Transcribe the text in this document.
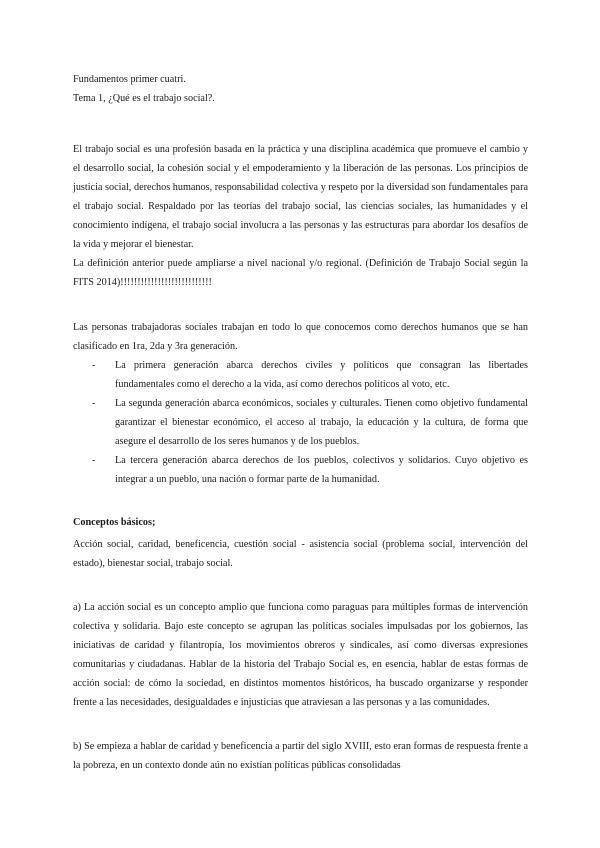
Fundamentos primer cuatri.

Tema 1, ¿Qué es el trabajo social?.

El trabajo social es una profesión basada en la práctica y una disciplina académica que promueve el cambio y el desarrollo social, la cohesión social y el empoderamiento y la liberación de las personas. Los principios de justicia social, derechos humanos, responsabilidad colectiva y respeto por la diversidad son fundamentales para el trabajo social. Respaldado por las teorías del trabajo social, las ciencias sociales, las humanidades y el conocimiento indígena, el trabajo social involucra a las personas y las estructuras para abordar los desafíos de la vida y mejorar el bienestar.

La definición anterior puede ampliarse a nivel nacional y/o regional. (Definición de Trabajo Social según la FITS 2014)!!!!!!!!!!!!!!!!!!!!!!!!!!!

Las personas trabajadoras sociales trabajan en todo lo que conocemos como derechos humanos que se han clasificado en 1ra, 2da y 3ra generación.

- La primera generación abarca derechos civiles y políticos que consagran las libertades fundamentales como el derecho a la vida, así como derechos políticos al voto, etc.
- La segunda generación abarca económicos, sociales y culturales. Tienen como objetivo fundamental garantizar el bienestar económico, el acceso al trabajo, la educación y la cultura, de forma que asegure el desarrollo de los seres humanos y de los pueblos.
- La tercera generación abarca derechos de los pueblos, colectivos y solidarios. Cuyo objetivo es integrar a un pueblo, una nación o formar parte de la humanidad.

Conceptos básicos;

Acción social, caridad, beneficencia, cuestión social - asistencia social (problema social, intervención del estado), bienestar social, trabajo social.

a) La acción social es un concepto amplio que funciona como paraguas para múltiples formas de intervención colectiva y solidaria. Bajo este concepto se agrupan las políticas sociales impulsadas por los gobiernos, las iniciativas de caridad y filantropía, los movimientos obreros y sindicales, así como diversas expresiones comunitarias y ciudadanas. Hablar de la historia del Trabajo Social es, en esencia, hablar de estas formas de acción social: de cómo la sociedad, en distintos momentos históricos, ha buscado organizarse y responder frente a las necesidades, desigualdades e injusticias que atraviesan a las personas y a las comunidades.

b) Se empieza a hablar de caridad y beneficencia a partir del siglo XVIII, esto eran formas de respuesta frente a la pobreza, en un contexto donde aún no existían políticas públicas consolidadas
